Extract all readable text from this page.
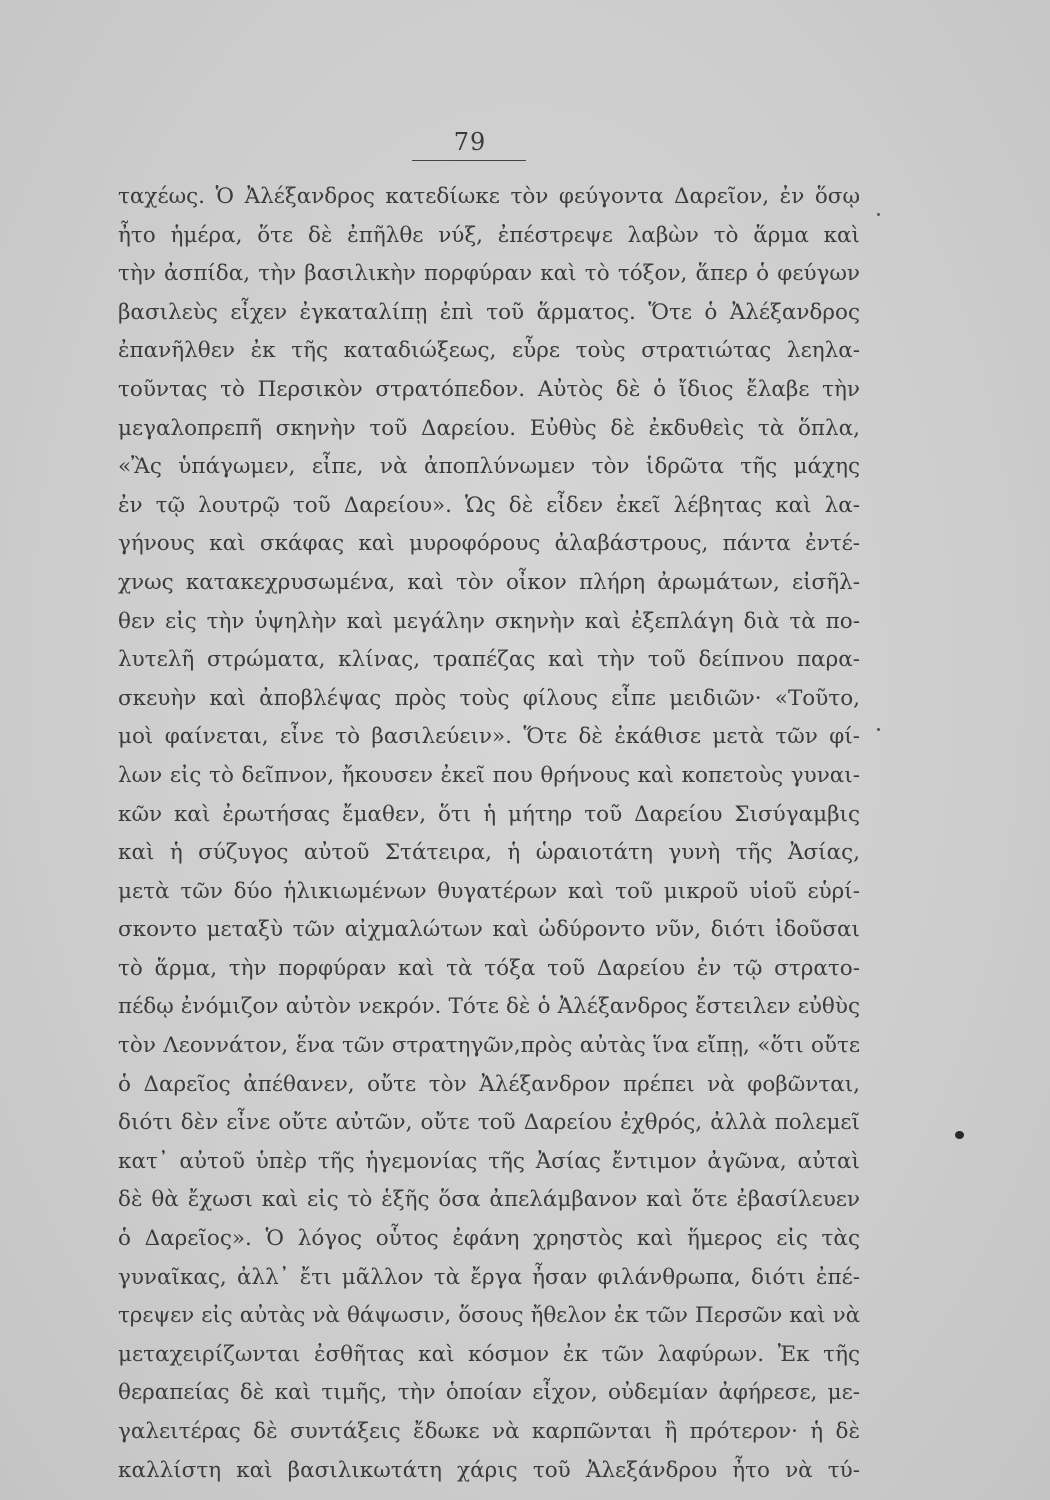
79
ταχέως. Ὁ Ἀλέξανδρος κατεδίωκε τὸν φεύγοντα Δαρεῖον, ἐν ὅσῳ
ἦτο ἡμέρα, ὅτε δὲ ἐπῆλθε νύξ, ἐπέστρεψε λαβὼν τὸ ἅρμα καὶ
τὴν ἀσπίδα, τὴν βασιλικὴν πορφύραν καὶ τὸ τόξον, ἅπερ ὁ φεύγων
βασιλεὺς εἶχεν ἐγκαταλίπῃ ἐπὶ τοῦ ἅρματος. Ὅτε ὁ Ἀλέξανδρος
ἐπανῆλθεν ἐκ τῆς καταδιώξεως, εὗρε τοὺς στρατιώτας λεηλα-
τοῦντας τὸ Περσικὸν στρατόπεδον. Αὐτὸς δὲ ὁ ἴδιος ἔλαβε τὴν
μεγαλοπρεπῆ σκηνὴν τοῦ Δαρείου. Εὐθὺς δὲ ἐκδυθεὶς τὰ ὅπλα,
«Ἂς ὑπάγωμεν, εἶπε, νὰ ἀποπλύνωμεν τὸν ἱδρῶτα τῆς μάχης
ἐν τῷ λουτρῷ τοῦ Δαρείου». Ὡς δὲ εἶδεν ἐκεῖ λέβητας καὶ λα-
γήνους καὶ σκάφας καὶ μυροφόρους ἀλαβάστρους, πάντα ἐντέ-
χνως κατακεχρυσωμένα, καὶ τὸν οἶκον πλήρη ἀρωμάτων, εἰσῆλ-
θεν εἰς τὴν ὑψηλὴν καὶ μεγάλην σκηνὴν καὶ ἐξεπλάγη διὰ τὰ πο-
λυτελῆ στρώματα, κλίνας, τραπέζας καὶ τὴν τοῦ δείπνου παρα-
σκευὴν καὶ ἀποβλέψας πρὸς τοὺς φίλους εἶπε μειδιῶν· «Τοῦτο,
μοὶ φαίνεται, εἶνε τὸ βασιλεύειν». Ὅτε δὲ ἐκάθισε μετὰ τῶν φί-
λων εἰς τὸ δεῖπνον, ἤκουσεν ἐκεῖ που θρήνους καὶ κοπετοὺς γυναι-
κῶν καὶ ἐρωτήσας ἔμαθεν, ὅτι ἡ μήτηρ τοῦ Δαρείου Σισύγαμβις
καὶ ἡ σύζυγος αὐτοῦ Στάτειρα, ἡ ὡραιοτάτη γυνὴ τῆς Ἀσίας,
μετὰ τῶν δύο ἡλικιωμένων θυγατέρων καὶ τοῦ μικροῦ υἱοῦ εὑρί-
σκοντο μεταξὺ τῶν αἰχμαλώτων καὶ ὠδύροντο νῦν, διότι ἰδοῦσαι
τὸ ἅρμα, τὴν πορφύραν καὶ τὰ τόξα τοῦ Δαρείου ἐν τῷ στρατο-
πέδῳ ἐνόμιζον αὐτὸν νεκρόν. Τότε δὲ ὁ Ἀλέξανδρος ἔστειλεν εὐθὺς
τὸν Λεοννάτον, ἕνα τῶν στρατηγῶν,πρὸς αὐτὰς ἵνα εἴπῃ, «ὅτι οὔτε
ὁ Δαρεῖος ἀπέθανεν, οὔτε τὸν Ἀλέξανδρον πρέπει νὰ φοβῶνται,
διότι δὲν εἶνε οὔτε αὐτῶν, οὔτε τοῦ Δαρείου ἐχθρός, ἀλλὰ πολεμεῖ
κατ᾽ αὐτοῦ ὑπὲρ τῆς ἡγεμονίας τῆς Ἀσίας ἔντιμον ἀγῶνα, αὐταὶ
δὲ θὰ ἔχωσι καὶ εἰς τὸ ἑξῆς ὅσα ἀπελάμβανον καὶ ὅτε ἐβασίλευεν
ὁ Δαρεῖος». Ὁ λόγος οὗτος ἐφάνη χρηστὸς καὶ ἥμερος εἰς τὰς
γυναῖκας, ἀλλ᾽ ἔτι μᾶλλον τὰ ἔργα ἦσαν φιλάνθρωπα, διότι ἐπέ-
τρεψεν εἰς αὐτὰς νὰ θάψωσιν, ὅσους ἤθελον ἐκ τῶν Περσῶν καὶ νὰ
μεταχειρίζωνται ἐσθῆτας καὶ κόσμον ἐκ τῶν λαφύρων. Ἐκ τῆς
θεραπείας δὲ καὶ τιμῆς, τὴν ὁποίαν εἶχον, οὐδεμίαν ἀφήρεσε, με-
γαλειτέρας δὲ συντάξεις ἔδωκε νὰ καρπῶνται ἢ πρότερον· ἡ δὲ
καλλίστη καὶ βασιλικωτάτη χάρις τοῦ Ἀλεξάνδρου ἦτο νὰ τύ-
